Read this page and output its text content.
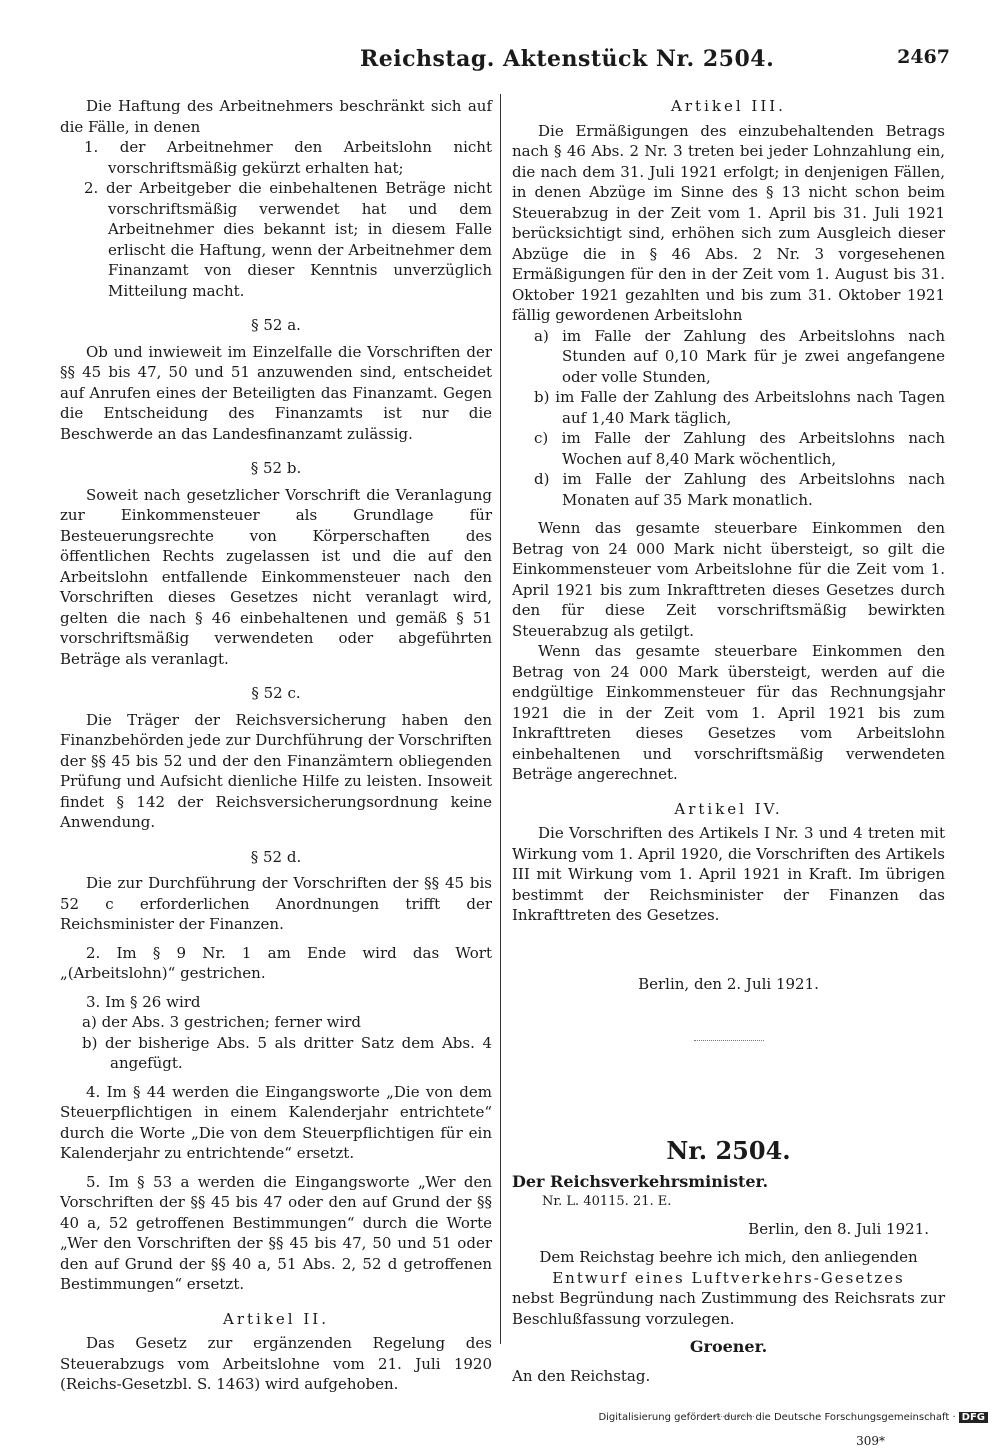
Reichstag. Aktenstück Nr. 2504.	2467

Die Haftung des Arbeitnehmers beschränkt sich auf die Fälle, in denen

1. der Arbeitnehmer den Arbeitslohn nicht vorschriftsmäßig gekürzt erhalten hat;
2. der Arbeitgeber die einbehaltenen Beträge nicht vorschriftsmäßig verwendet hat und dem Arbeitnehmer dies bekannt ist; in diesem Falle erlischt die Haftung, wenn der Arbeitnehmer dem Finanzamt von dieser Kenntnis unverzüglich Mitteilung macht.

§ 52 a.

Ob und inwieweit im Einzelfalle die Vorschriften der §§ 45 bis 47, 50 und 51 anzuwenden sind, entscheidet auf Anrufen eines der Beteiligten das Finanzamt. Gegen die Entscheidung des Finanzamts ist nur die Beschwerde an das Landesfinanzamt zulässig.

§ 52 b.

Soweit nach gesetzlicher Vorschrift die Veranlagung zur Einkommensteuer als Grundlage für Besteuerungsrechte von Körperschaften des öffentlichen Rechts zugelassen ist und die auf den Arbeitslohn entfallende Einkommensteuer nach den Vorschriften dieses Gesetzes nicht veranlagt wird, gelten die nach § 46 einbehaltenen und gemäß § 51 vorschriftsmäßig verwendeten oder abgeführten Beträge als veranlagt.

§ 52 c.

Die Träger der Reichsversicherung haben den Finanzbehörden jede zur Durchführung der Vorschriften der §§ 45 bis 52 und der den Finanzämtern obliegenden Prüfung und Aufsicht dienliche Hilfe zu leisten. Insoweit findet § 142 der Reichsversicherungsordnung keine Anwendung.

§ 52 d.

Die zur Durchführung der Vorschriften der §§ 45 bis 52 c erforderlichen Anordnungen trifft der Reichsminister der Finanzen.

2. Im § 9 Nr. 1 am Ende wird das Wort „(Arbeitslohn)“ gestrichen.

3. Im § 26 wird

a) der Abs. 3 gestrichen; ferner wird
b) der bisherige Abs. 5 als dritter Satz dem Abs. 4 angefügt.

4. Im § 44 werden die Eingangsworte „Die von dem Steuerpflichtigen in einem Kalenderjahr entrichtete“ durch die Worte „Die von dem Steuerpflichtigen für ein Kalenderjahr zu entrichtende“ ersetzt.

5. Im § 53 a werden die Eingangsworte „Wer den Vorschriften der §§ 45 bis 47 oder den auf Grund der §§ 40 a, 52 getroffenen Bestimmungen“ durch die Worte „Wer den Vorschriften der §§ 45 bis 47, 50 und 51 oder den auf Grund der §§ 40 a, 51 Abs. 2, 52 d getroffenen Bestimmungen“ ersetzt.

Artikel II.

Das Gesetz zur ergänzenden Regelung des Steuerabzugs vom Arbeitslohne vom 21. Juli 1920 (Reichs-Gesetzbl. S. 1463) wird aufgehoben.

Artikel III.

Die Ermäßigungen des einzubehaltenden Betrags nach § 46 Abs. 2 Nr. 3 treten bei jeder Lohnzahlung ein, die nach dem 31. Juli 1921 erfolgt; in denjenigen Fällen, in denen Abzüge im Sinne des § 13 nicht schon beim Steuerabzug in der Zeit vom 1. April bis 31. Juli 1921 berücksichtigt sind, erhöhen sich zum Ausgleich dieser Abzüge die in § 46 Abs. 2 Nr. 3 vorgesehenen Ermäßigungen für den in der Zeit vom 1. August bis 31. Oktober 1921 gezahlten und bis zum 31. Oktober 1921 fällig gewordenen Arbeitslohn

a) im Falle der Zahlung des Arbeitslohns nach Stunden auf 0,10 Mark für je zwei angefangene oder volle Stunden,
b) im Falle der Zahlung des Arbeitslohns nach Tagen auf 1,40 Mark täglich,
c) im Falle der Zahlung des Arbeitslohns nach Wochen auf 8,40 Mark wöchentlich,
d) im Falle der Zahlung des Arbeitslohns nach Monaten auf 35 Mark monatlich.

Wenn das gesamte steuerbare Einkommen den Betrag von 24 000 Mark nicht übersteigt, so gilt die Einkommensteuer vom Arbeitslohne für die Zeit vom 1. April 1921 bis zum Inkrafttreten dieses Gesetzes durch den für diese Zeit vorschriftsmäßig bewirkten Steuerabzug als getilgt.

Wenn das gesamte steuerbare Einkommen den Betrag von 24 000 Mark übersteigt, werden auf die endgültige Einkommensteuer für das Rechnungsjahr 1921 die in der Zeit vom 1. April 1921 bis zum Inkrafttreten dieses Gesetzes vom Arbeitslohn einbehaltenen und vorschriftsmäßig verwendeten Beträge angerechnet.

Artikel IV.

Die Vorschriften des Artikels I Nr. 3 und 4 treten mit Wirkung vom 1. April 1920, die Vorschriften des Artikels III mit Wirkung vom 1. April 1921 in Kraft. Im übrigen bestimmt der Reichsminister der Finanzen das Inkrafttreten des Gesetzes.

Berlin, den 2. Juli 1921.

Nr. 2504.

Der Reichsverkehrsminister.

Nr. L. 40115. 21. E.

Berlin, den 8. Juli 1921.

Dem Reichstag beehre ich mich, den anliegenden

Entwurf eines Luftverkehrs-Gesetzes

nebst Begründung nach Zustimmung des Reichsrats zur Beschlußfassung vorzulegen.

Groener.

An den Reichstag.

309*

Digitalisierung gefördert durch die Deutsche Forschungsgemeinschaft · DFG
